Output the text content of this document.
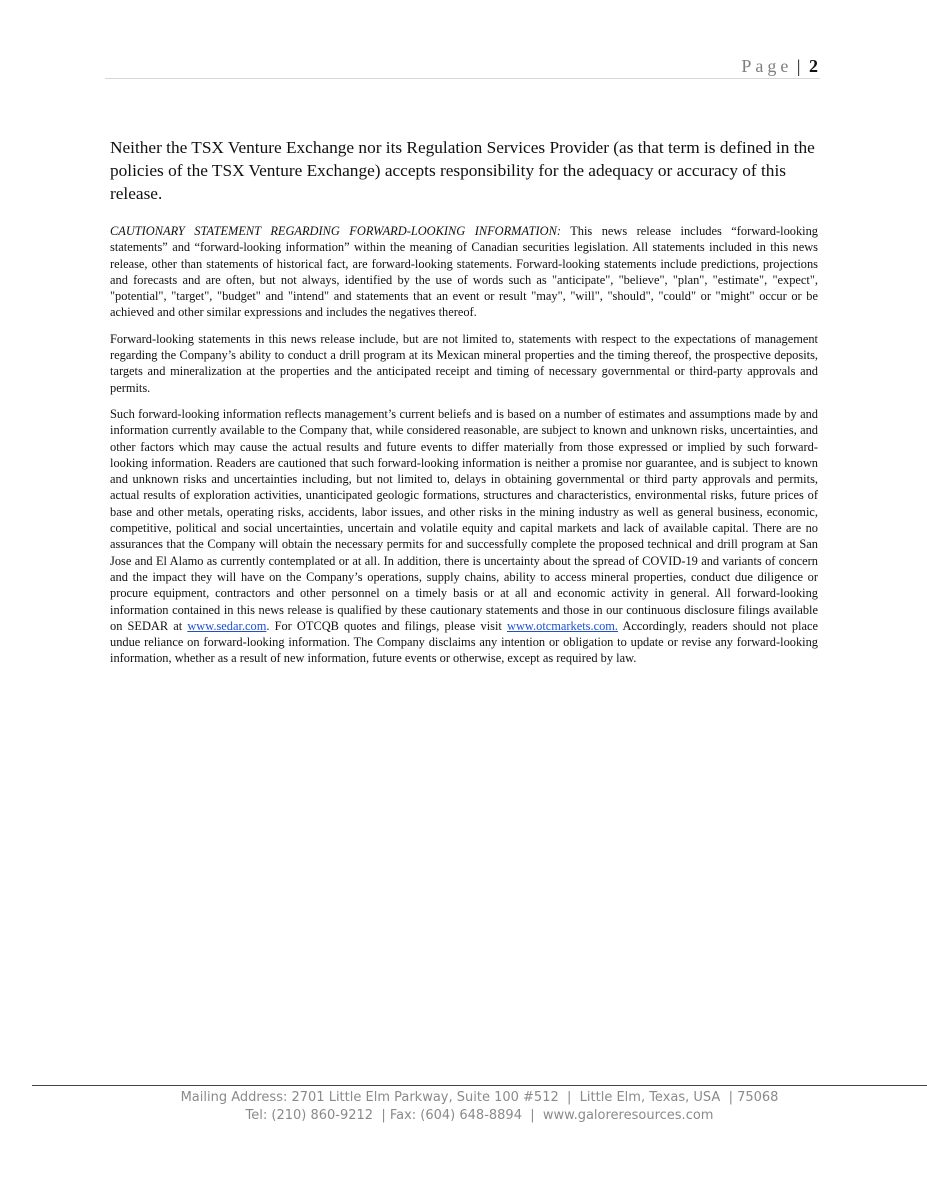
Page | 2

Neither the TSX Venture Exchange nor its Regulation Services Provider (as that term is defined in the policies of the TSX Venture Exchange) accepts responsibility for the adequacy or accuracy of this release.

CAUTIONARY STATEMENT REGARDING FORWARD-LOOKING INFORMATION: This news release includes “forward-looking statements” and “forward-looking information” within the meaning of Canadian securities legislation. All statements included in this news release, other than statements of historical fact, are forward-looking statements. Forward-looking statements include predictions, projections and forecasts and are often, but not always, identified by the use of words such as "anticipate", "believe", "plan", "estimate", "expect", "potential", "target", "budget" and "intend" and statements that an event or result "may", "will", "should", "could" or "might" occur or be achieved and other similar expressions and includes the negatives thereof.

Forward-looking statements in this news release include, but are not limited to, statements with respect to the expectations of management regarding the Company’s ability to conduct a drill program at its Mexican mineral properties and the timing thereof, the prospective deposits, targets and mineralization at the properties and the anticipated receipt and timing of necessary governmental or third-party approvals and permits.

Such forward-looking information reflects management’s current beliefs and is based on a number of estimates and assumptions made by and information currently available to the Company that, while considered reasonable, are subject to known and unknown risks, uncertainties, and other factors which may cause the actual results and future events to differ materially from those expressed or implied by such forward-looking information. Readers are cautioned that such forward-looking information is neither a promise nor guarantee, and is subject to known and unknown risks and uncertainties including, but not limited to, delays in obtaining governmental or third party approvals and permits, actual results of exploration activities, unanticipated geologic formations, structures and characteristics, environmental risks, future prices of base and other metals, operating risks, accidents, labor issues, and other risks in the mining industry as well as general business, economic, competitive, political and social uncertainties, uncertain and volatile equity and capital markets and lack of available capital. There are no assurances that the Company will obtain the necessary permits for and successfully complete the proposed technical and drill program at San Jose and El Alamo as currently contemplated or at all. In addition, there is uncertainty about the spread of COVID-19 and variants of concern and the impact they will have on the Company’s operations, supply chains, ability to access mineral properties, conduct due diligence or procure equipment, contractors and other personnel on a timely basis or at all and economic activity in general. All forward-looking information contained in this news release is qualified by these cautionary statements and those in our continuous disclosure filings available on SEDAR at www.sedar.com. For OTCQB quotes and filings, please visit www.otcmarkets.com. Accordingly, readers should not place undue reliance on forward-looking information. The Company disclaims any intention or obligation to update or revise any forward-looking information, whether as a result of new information, future events or otherwise, except as required by law.

Mailing Address: 2701 Little Elm Parkway, Suite 100 #512  |  Little Elm, Texas, USA  | 75068
Tel: (210) 860-9212  | Fax: (604) 648-8894  |  www.galoreresources.com
